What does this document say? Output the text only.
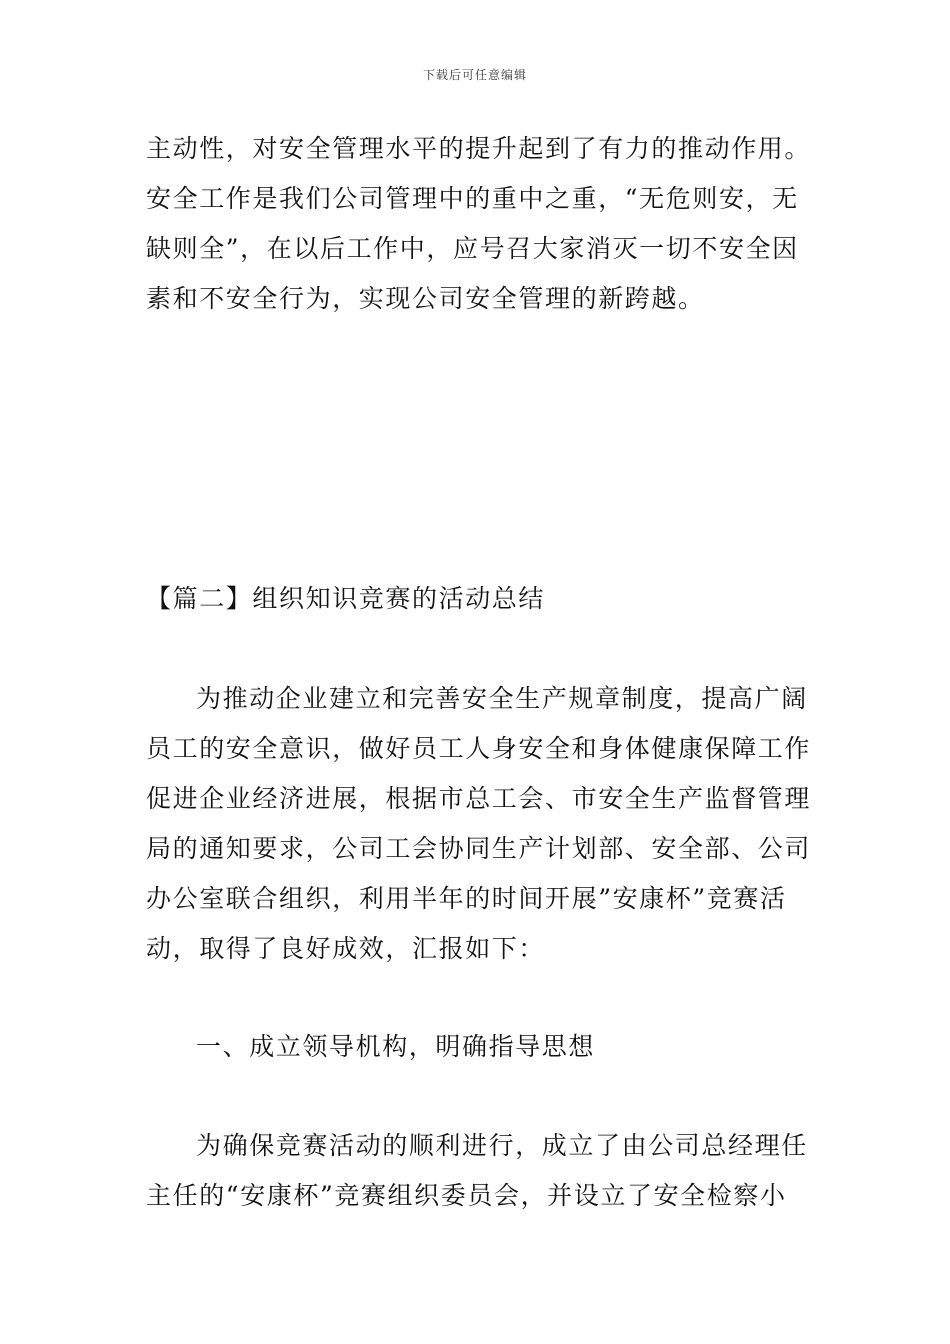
下载后可任意编辑
主动性，对安全管理水平的提升起到了有力的推动作用。
安全工作是我们公司管理中的重中之重，“无危则安，无
缺则全”，在以后工作中，应号召大家消灭一切不安全因
素和不安全行为，实现公司安全管理的新跨越。
【篇二】组织知识竞赛的活动总结
为推动企业建立和完善安全生产规章制度，提高广阔
员工的安全意识，做好员工人身安全和身体健康保障工作
促进企业经济进展，根据市总工会、市安全生产监督管理
局的通知要求，公司工会协同生产计划部、安全部、公司
办公室联合组织，利用半年的时间开展”安康杯”竞赛活
动，取得了良好成效，汇报如下：
一、成立领导机构，明确指导思想
为确保竞赛活动的顺利进行，成立了由公司总经理任
主任的“安康杯”竞赛组织委员会，并设立了安全检察小
